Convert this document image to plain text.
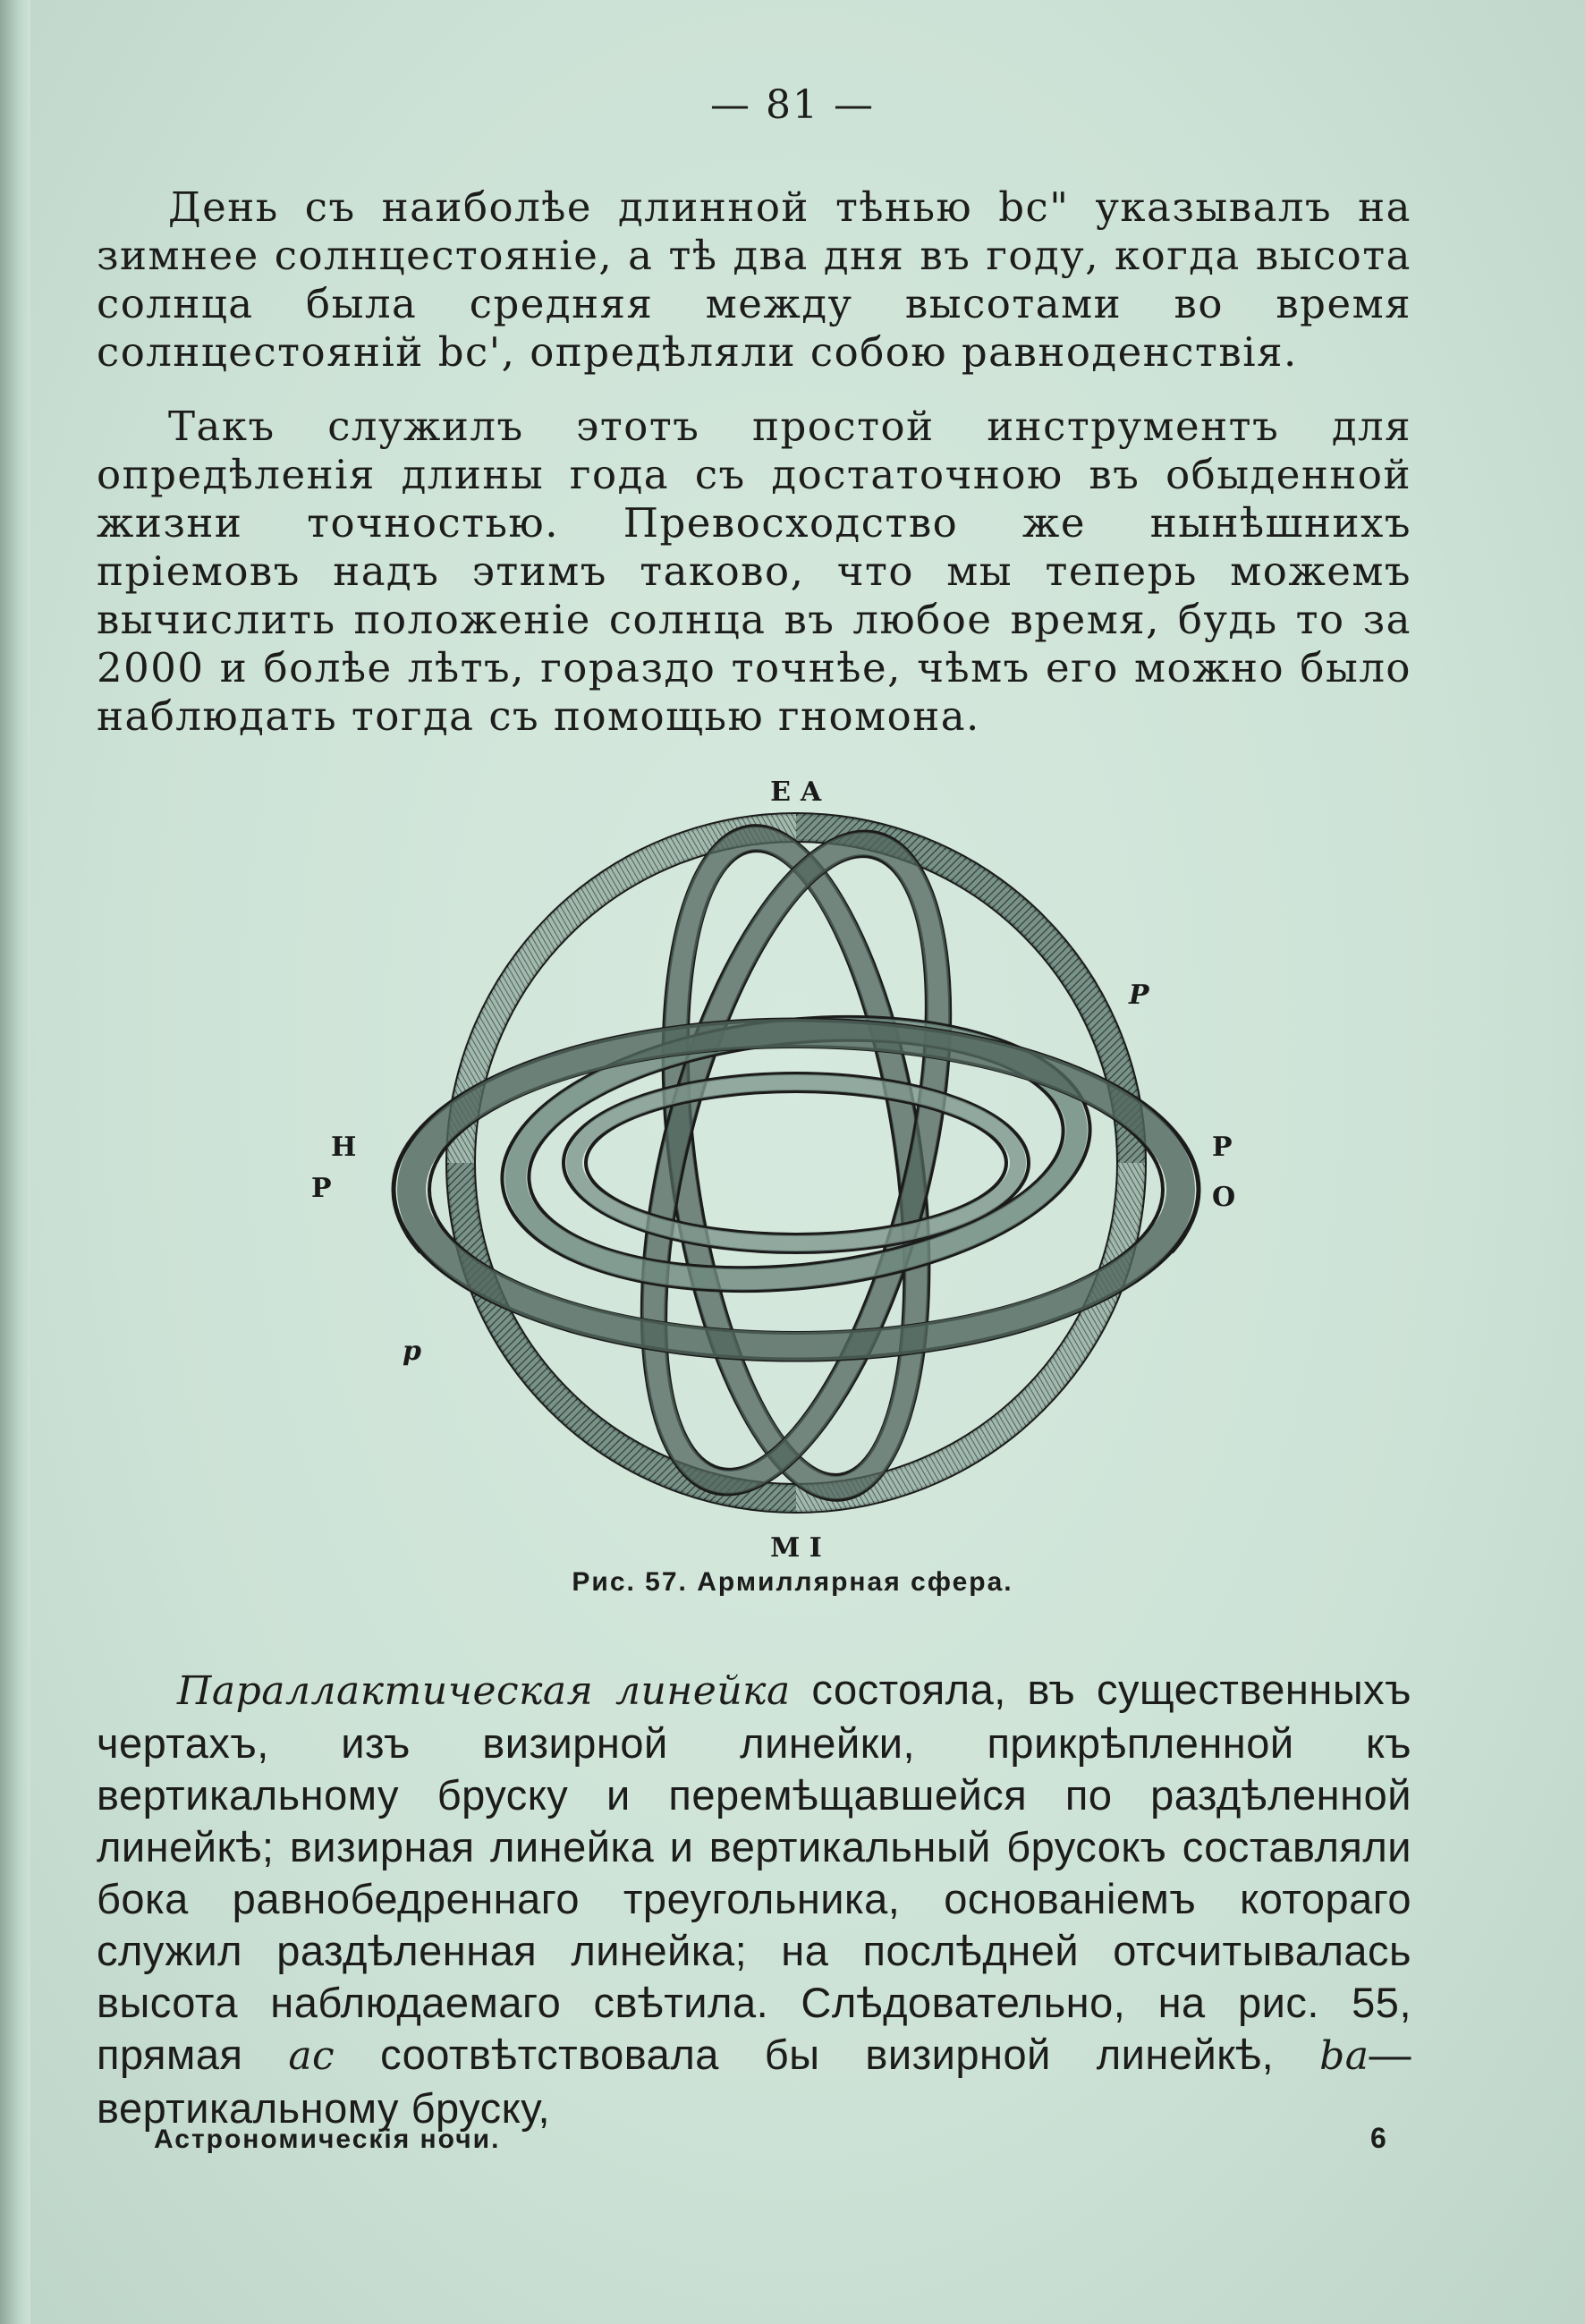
— 81 —

День съ наиболѣе длинной тѣнью bc" указывалъ на зимнее солнцестояніе, а тѣ два дня въ году, когда высота солнца была средняя между высотами во время солнцестояній bc', опредѣляли собою равноденствія.

Такъ служилъ этотъ простой инструментъ для опредѣленія длины года съ достаточною въ обыденной жизни точностью. Превосходство же нынѣшнихъ пріемовъ надъ этимъ таково, что мы теперь можемъ вычислить положеніе солнца въ любое время, будь то за 2000 и болѣе лѣтъ, гораздо точнѣе, чѣмъ его можно было наблюдать тогда съ помощью гномона.

Е А
P
H
P
P
O
p
M I
Рис. 57. Армиллярная сфера.

Параллактическая линейка состояла, въ существенныхъ чертахъ, изъ визирной линейки, прикрѣпленной къ вертикальному бруску и перемѣщавшейся по раздѣленной линейкѣ; визирная линейка и вертикальный брусокъ составляли бока равнобедреннаго треугольника, основаніемъ котораго служил раздѣленная линейка; на послѣдней отсчитывалась высота наблюдаемаго свѣтила. Слѣдовательно, на рис. 55, прямая ac соотвѣтствовала бы визирной линейкѣ, ba—вертикальному бруску,

Астрономическія ночи.	6
